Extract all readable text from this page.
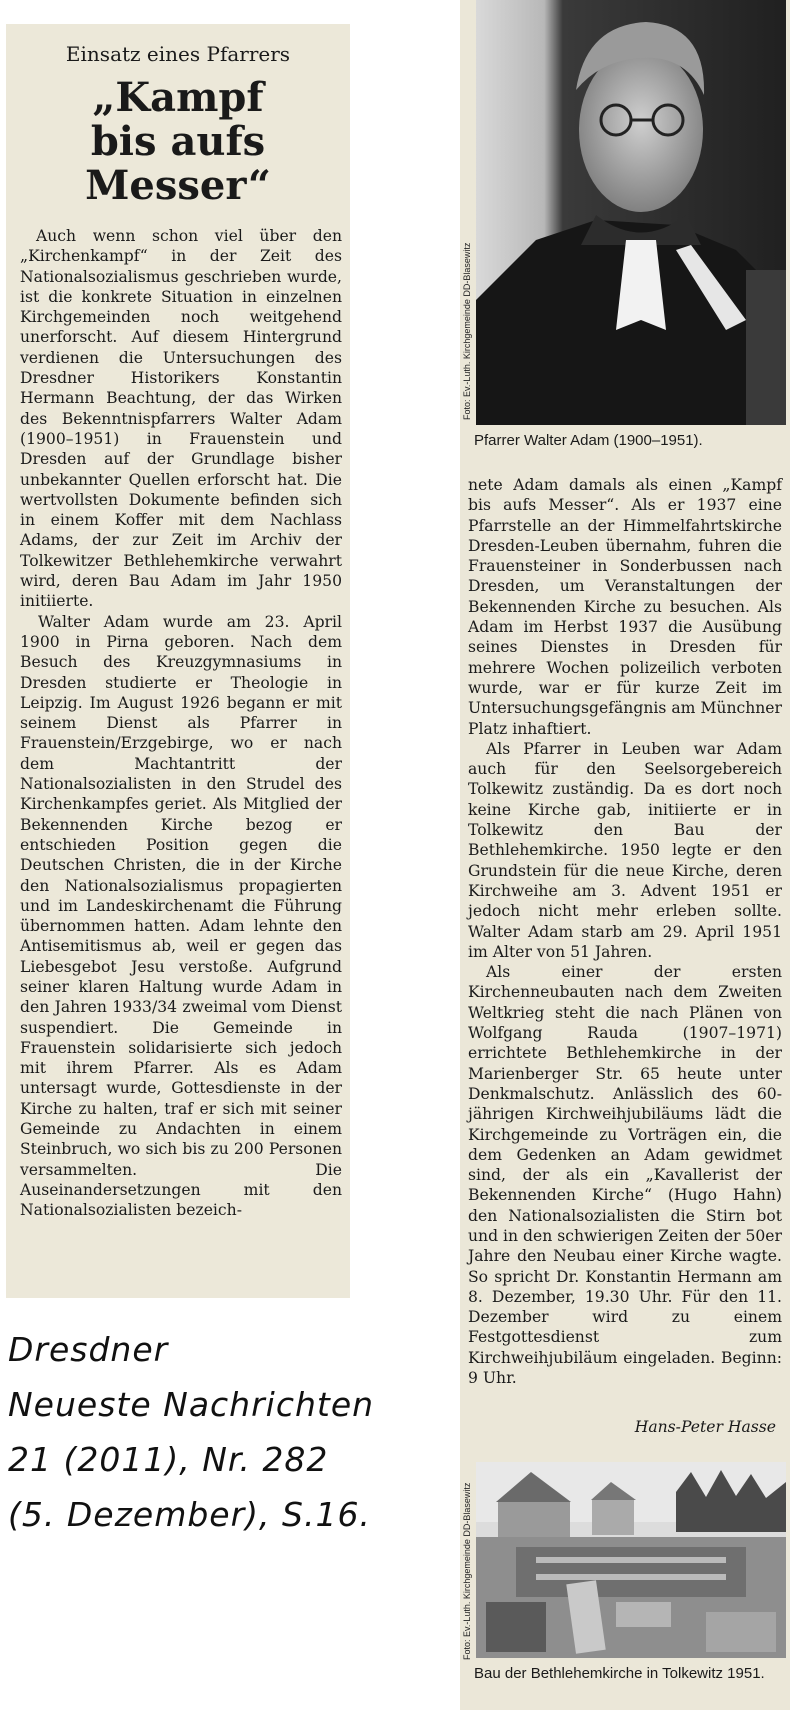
Einsatz eines Pfarrers
„Kampf
bis aufs
Messer“

Auch wenn schon viel über den „Kirchenkampf“ in der Zeit des Nationalsozialismus geschrieben wurde, ist die konkrete Situation in einzelnen Kirchgemeinden noch weitgehend unerforscht. Auf diesem Hintergrund verdienen die Untersuchungen des Dresdner Historikers Konstantin Hermann Beachtung, der das Wirken des Bekenntnispfarrers Walter Adam (1900–1951) in Frauenstein und Dresden auf der Grundlage bisher unbekannter Quellen erforscht hat. Die wertvollsten Dokumente befinden sich in einem Koffer mit dem Nachlass Adams, der zur Zeit im Archiv der Tolkewitzer Bethlehemkirche verwahrt wird, deren Bau Adam im Jahr 1950 initiierte.

Walter Adam wurde am 23. April 1900 in Pirna geboren. Nach dem Besuch des Kreuzgymnasiums in Dresden studierte er Theologie in Leipzig. Im August 1926 begann er mit seinem Dienst als Pfarrer in Frauenstein/Erzgebirge, wo er nach dem Machtantritt der Nationalsozialisten in den Strudel des Kirchenkampfes geriet. Als Mitglied der Bekennenden Kirche bezog er entschieden Position gegen die Deutschen Christen, die in der Kirche den Nationalsozialismus propagierten und im Landeskirchenamt die Führung übernommen hatten. Adam lehnte den Antisemitismus ab, weil er gegen das Liebesgebot Jesu verstoße. Aufgrund seiner klaren Haltung wurde Adam in den Jahren 1933/34 zweimal vom Dienst suspendiert. Die Gemeinde in Frauenstein solidarisierte sich jedoch mit ihrem Pfarrer. Als es Adam untersagt wurde, Gottesdienste in der Kirche zu halten, traf er sich mit seiner Gemeinde zu Andachten in einem Steinbruch, wo sich bis zu 200 Personen versammelten. Die Auseinandersetzungen mit den Nationalsozialisten bezeich-

Foto: Ev.-Luth. Kirchgemeinde DD-Blasewitz
Pfarrer Walter Adam (1900–1951).

nete Adam damals als einen „Kampf bis aufs Messer“. Als er 1937 eine Pfarrstelle an der Himmelfahrtskirche Dresden-Leuben übernahm, fuhren die Frauensteiner in Sonderbussen nach Dresden, um Veranstaltungen der Bekennenden Kirche zu besuchen. Als Adam im Herbst 1937 die Ausübung seines Dienstes in Dresden für mehrere Wochen polizeilich verboten wurde, war er für kurze Zeit im Untersuchungsgefängnis am Münchner Platz inhaftiert.

Als Pfarrer in Leuben war Adam auch für den Seelsorgebereich Tolkewitz zuständig. Da es dort noch keine Kirche gab, initiierte er in Tolkewitz den Bau der Bethlehemkirche. 1950 legte er den Grundstein für die neue Kirche, deren Kirchweihe am 3. Advent 1951 er jedoch nicht mehr erleben sollte. Walter Adam starb am 29. April 1951 im Alter von 51 Jahren.

Als einer der ersten Kirchenneubauten nach dem Zweiten Weltkrieg steht die nach Plänen von Wolfgang Rauda (1907–1971) errichtete Bethlehemkirche in der Marienberger Str. 65 heute unter Denkmalschutz. Anlässlich des 60-jährigen Kirchweihjubiläums lädt die Kirchgemeinde zu Vorträgen ein, die dem Gedenken an Adam gewidmet sind, der als ein „Kavallerist der Bekennenden Kirche“ (Hugo Hahn) den Nationalsozialisten die Stirn bot und in den schwierigen Zeiten der 50er Jahre den Neubau einer Kirche wagte. So spricht Dr. Konstantin Hermann am 8. Dezember, 19.30 Uhr. Für den 11. Dezember wird zu einem Festgottesdienst zum Kirchweihjubiläum eingeladen. Beginn: 9 Uhr.

Hans-Peter Hasse
Foto: Ev.-Luth. Kirchgemeinde DD-Blasewitz
Bau der Bethlehemkirche in Tolkewitz 1951.
Dresdner
Neueste Nachrichten
21 (2011), Nr. 282
(5. Dezember), S.16.
